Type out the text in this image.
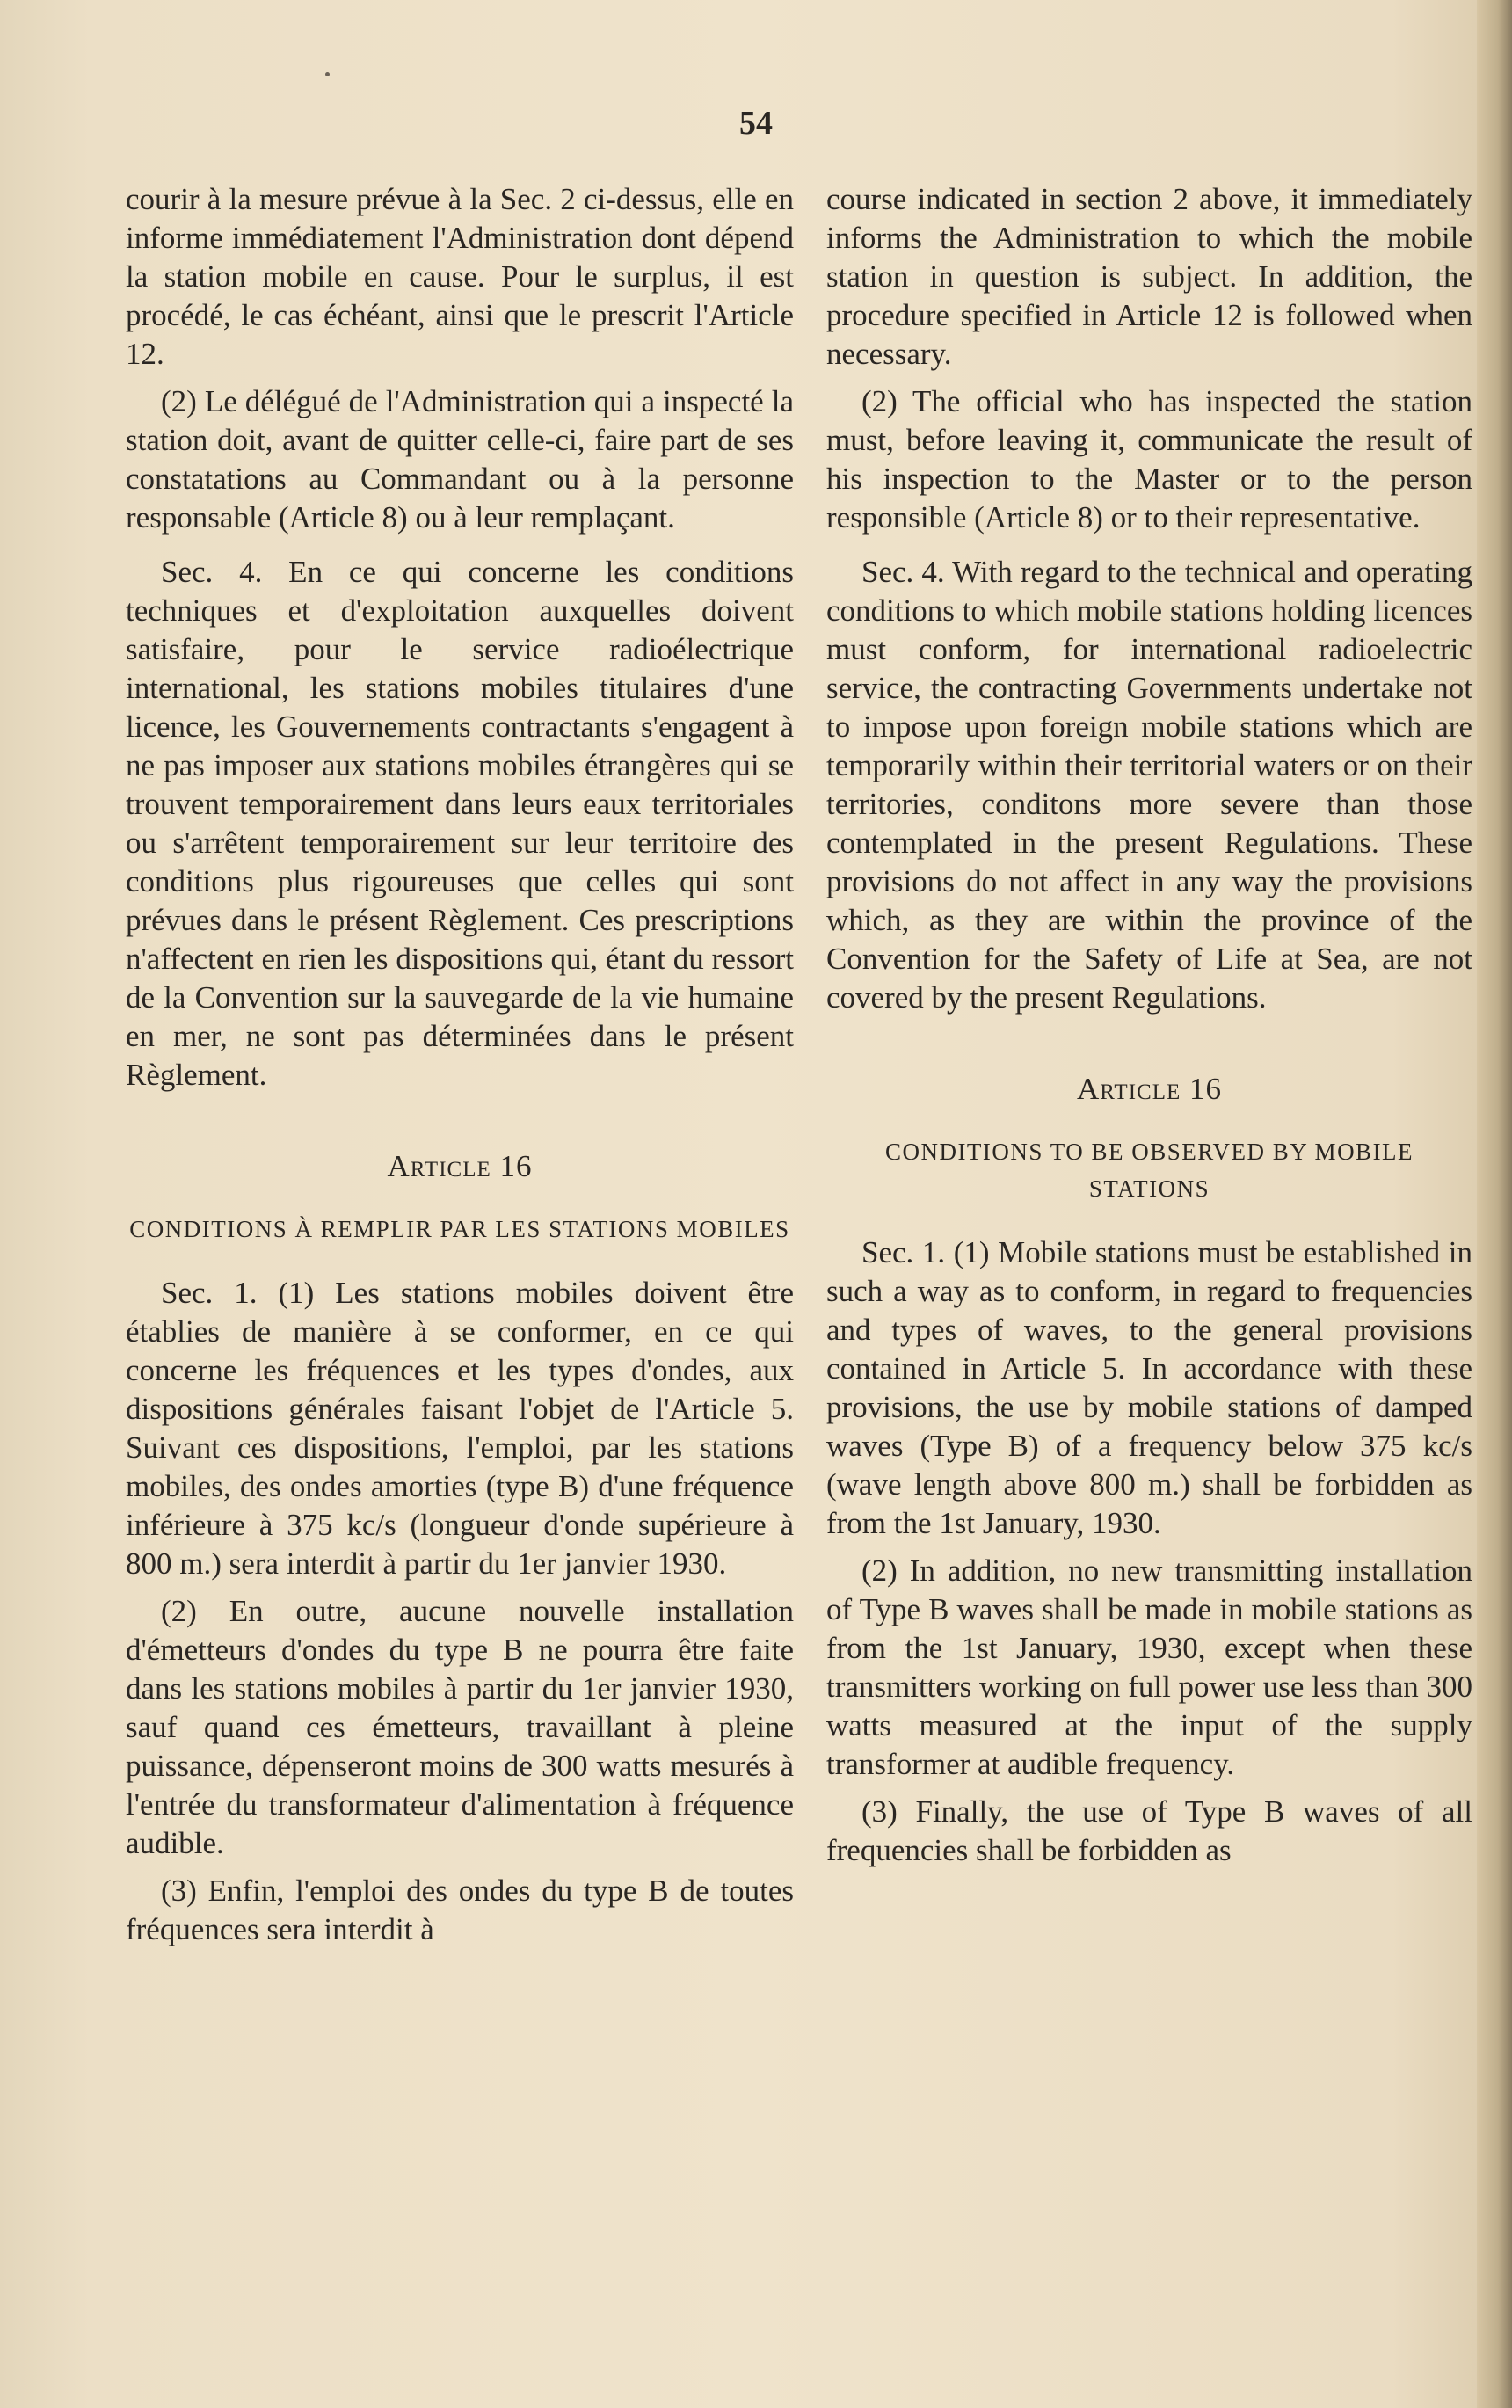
54

courir à la mesure prévue à la Sec. 2 ci-dessus, elle en informe immédiatement l'Administration dont dépend la station mobile en cause. Pour le surplus, il est procédé, le cas échéant, ainsi que le prescrit l'Article 12.

(2) Le délégué de l'Administration qui a inspecté la station doit, avant de quitter celle-ci, faire part de ses constatations au Commandant ou à la personne responsable (Article 8) ou à leur remplaçant.

Sec. 4. En ce qui concerne les conditions techniques et d'exploitation auxquelles doivent satisfaire, pour le service radioélectrique international, les stations mobiles titulaires d'une licence, les Gouvernements contractants s'engagent à ne pas imposer aux stations mobiles étrangères qui se trouvent temporairement dans leurs eaux territoriales ou s'arrêtent temporairement sur leur territoire des conditions plus rigoureuses que celles qui sont prévues dans le présent Règlement. Ces prescriptions n'affectent en rien les dispositions qui, étant du ressort de la Convention sur la sauvegarde de la vie humaine en mer, ne sont pas déterminées dans le présent Règlement.

Article 16
CONDITIONS À REMPLIR PAR LES STATIONS MOBILES

Sec. 1. (1) Les stations mobiles doivent être établies de manière à se conformer, en ce qui concerne les fréquences et les types d'ondes, aux dispositions générales faisant l'objet de l'Article 5. Suivant ces dispositions, l'emploi, par les stations mobiles, des ondes amorties (type B) d'une fréquence inférieure à 375 kc/s (longueur d'onde supérieure à 800 m.) sera interdit à partir du 1er janvier 1930.

(2) En outre, aucune nouvelle installation d'émetteurs d'ondes du type B ne pourra être faite dans les stations mobiles à partir du 1er janvier 1930, sauf quand ces émetteurs, travaillant à pleine puissance, dépenseront moins de 300 watts mesurés à l'entrée du transformateur d'alimentation à fréquence audible.

(3) Enfin, l'emploi des ondes du type B de toutes fréquences sera interdit à

course indicated in section 2 above, it immediately informs the Administration to which the mobile station in question is subject. In addition, the procedure specified in Article 12 is followed when necessary.

(2) The official who has inspected the station must, before leaving it, communicate the result of his inspection to the Master or to the person responsible (Article 8) or to their representative.

Sec. 4. With regard to the technical and operating conditions to which mobile stations holding licences must conform, for international radioelectric service, the contracting Governments undertake not to impose upon foreign mobile stations which are temporarily within their territorial waters or on their territories, conditons more severe than those contemplated in the present Regulations. These provisions do not affect in any way the provisions which, as they are within the province of the Convention for the Safety of Life at Sea, are not covered by the present Regulations.

Article 16
CONDITIONS TO BE OBSERVED BY MOBILE STATIONS

Sec. 1. (1) Mobile stations must be established in such a way as to conform, in regard to frequencies and types of waves, to the general provisions contained in Article 5. In accordance with these provisions, the use by mobile stations of damped waves (Type B) of a frequency below 375 kc/s (wave length above 800 m.) shall be forbidden as from the 1st January, 1930.

(2) In addition, no new transmitting installation of Type B waves shall be made in mobile stations as from the 1st January, 1930, except when these transmitters working on full power use less than 300 watts measured at the input of the supply transformer at audible frequency.

(3) Finally, the use of Type B waves of all frequencies shall be forbidden as
